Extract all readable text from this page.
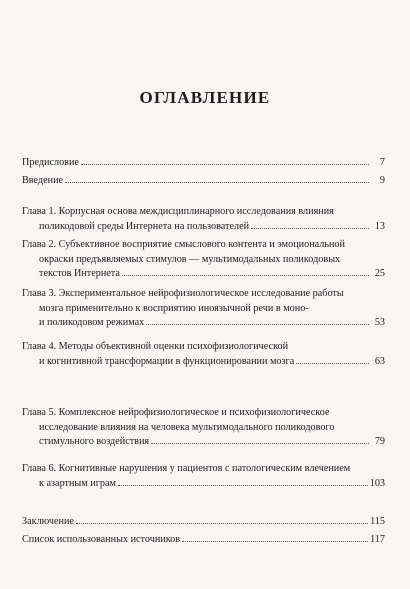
ОГЛАВЛЕНИЕ
Предисловие	7
Введение	9
Глава 1. Корпусная основа междисциплинарного исследования влияния
поликодовой среды Интернета на пользователей	13
Глава 2. Субъективное восприятие смыслового контента и эмоциональной
окраски предъявляемых стимулов — мультимодальных поликодовых
текстов Интернета	25
Глава 3. Экспериментальное нейрофизиологическое исследование работы
мозга применительно к восприятию иноязычной речи в моно-
и поликодовом режимах	53
Глава 4. Методы объективной оценки психофизиологической
и когнитивной трансформации в функционировании мозга	63
Глава 5. Комплексное нейрофизиологическое и психофизиологическое
исследование влияния на человека мультимодального поликодового
стимульного воздействия	79
Глава 6. Когнитивные нарушения у пациентов с патологическим влечением
к азартным играм	103
Заключение	115
Список использованных источников	117
